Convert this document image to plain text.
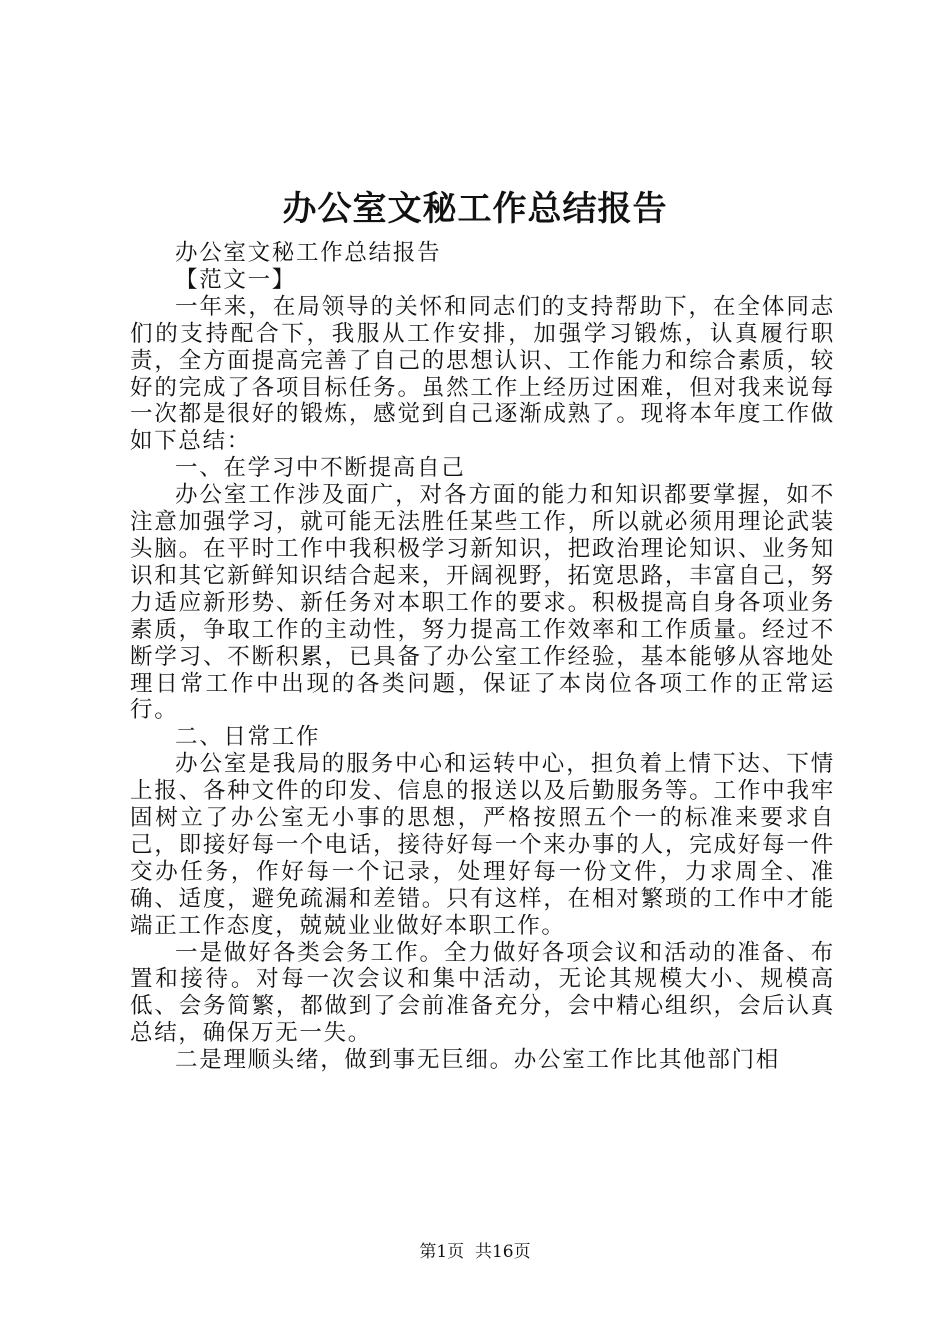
办公室文秘工作总结报告

办公室文秘工作总结报告

【范文一】

一年来，在局领导的关怀和同志们的支持帮助下，在全体同志们的支持配合下，我服从工作安排，加强学习锻炼，认真履行职责，全方面提高完善了自己的思想认识、工作能力和综合素质，较好的完成了各项目标任务。虽然工作上经历过困难，但对我来说每一次都是很好的锻炼，感觉到自己逐渐成熟了。现将本年度工作做如下总结：

一、在学习中不断提高自己

办公室工作涉及面广，对各方面的能力和知识都要掌握，如不注意加强学习，就可能无法胜任某些工作，所以就必须用理论武装头脑。在平时工作中我积极学习新知识，把政治理论知识、业务知识和其它新鲜知识结合起来，开阔视野，拓宽思路，丰富自己，努力适应新形势、新任务对本职工作的要求。积极提高自身各项业务素质，争取工作的主动性，努力提高工作效率和工作质量。经过不断学习、不断积累，已具备了办公室工作经验，基本能够从容地处理日常工作中出现的各类问题，保证了本岗位各项工作的正常运行。

二、日常工作

办公室是我局的服务中心和运转中心，担负着上情下达、下情上报、各种文件的印发、信息的报送以及后勤服务等。工作中我牢固树立了办公室无小事的思想，严格按照五个一的标准来要求自己，即接好每一个电话，接待好每一个来办事的人，完成好每一件交办任务，作好每一个记录，处理好每一份文件，力求周全、准确、适度，避免疏漏和差错。只有这样，在相对繁琐的工作中才能端正工作态度，兢兢业业做好本职工作。

一是做好各类会务工作。全力做好各项会议和活动的准备、布置和接待。对每一次会议和集中活动，无论其规模大小、规模高低、会务简繁，都做到了会前准备充分，会中精心组织，会后认真总结，确保万无一失。

二是理顺头绪，做到事无巨细。办公室工作比其他部门相

第1页  共16页
